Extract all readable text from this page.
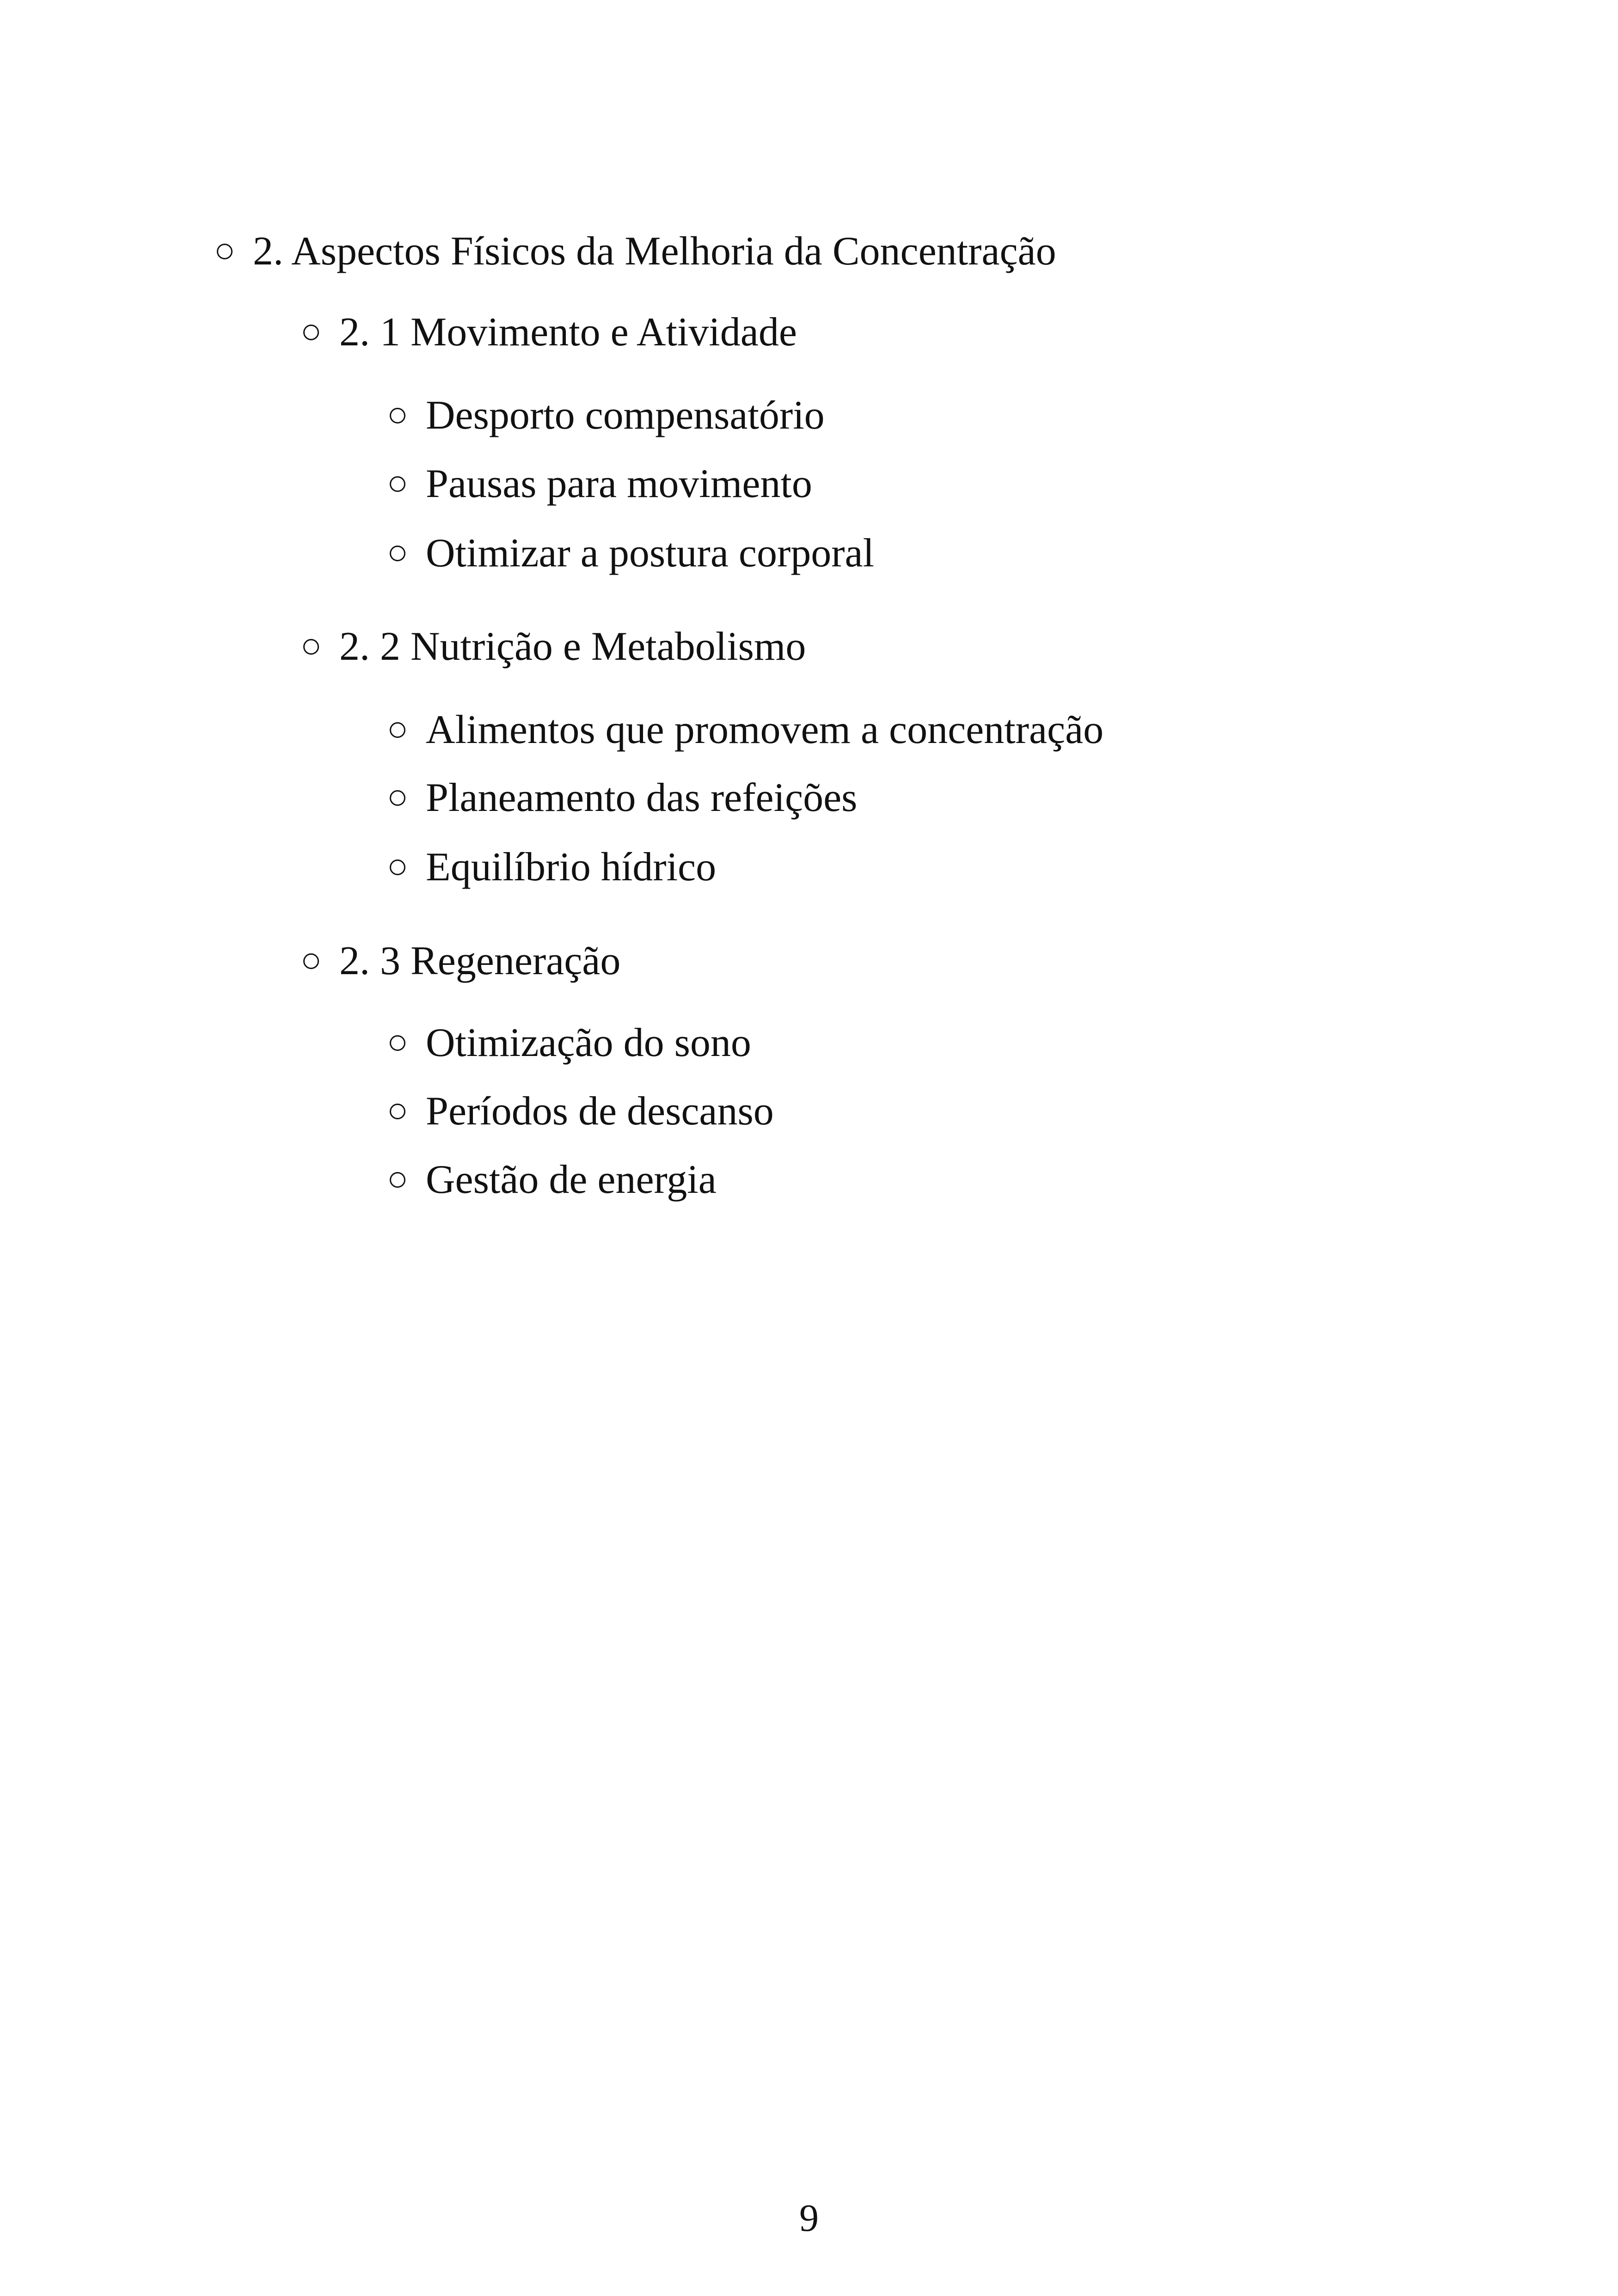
2. Aspectos Físicos da Melhoria da Concentração
2. 1 Movimento e Atividade
Desporto compensatório
Pausas para movimento
Otimizar a postura corporal
2. 2 Nutrição e Metabolismo
Alimentos que promovem a concentração
Planeamento das refeições
Equilíbrio hídrico
2. 3 Regeneração
Otimização do sono
Períodos de descanso
Gestão de energia
9
